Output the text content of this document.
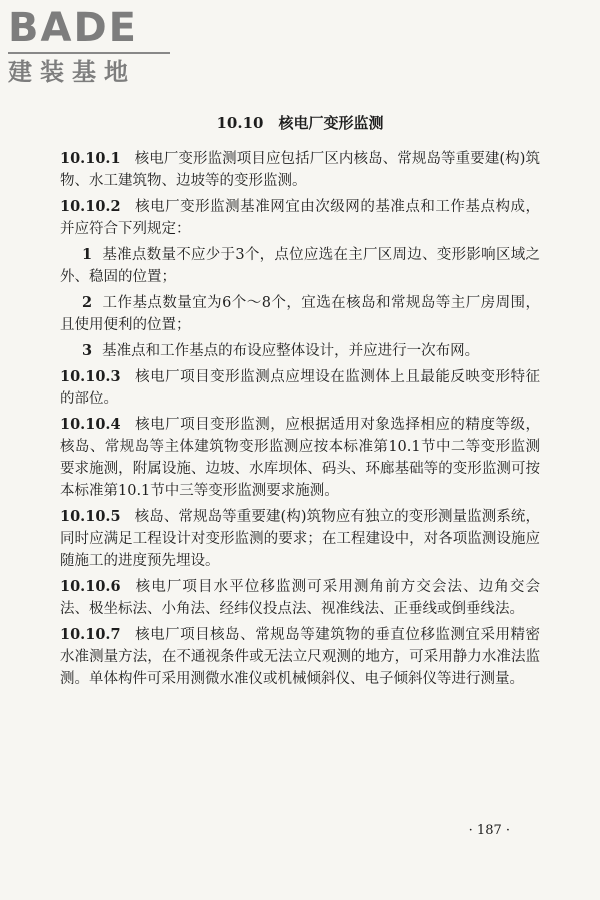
BADE
建装基地
10.10　核电厂变形监测

10.10.1 核电厂变形监测项目应包括厂区内核岛、常规岛等重要建(构)筑物、水工建筑物、边坡等的变形监测。

10.10.2 核电厂变形监测基准网宜由次级网的基准点和工作基点构成，并应符合下列规定：

1 基准点数量不应少于3个，点位应选在主厂区周边、变形影响区域之外、稳固的位置；

2 工作基点数量宜为6个～8个，宜选在核岛和常规岛等主厂房周围，且使用便利的位置；

3 基准点和工作基点的布设应整体设计，并应进行一次布网。

10.10.3 核电厂项目变形监测点应埋设在监测体上且最能反映变形特征的部位。

10.10.4 核电厂项目变形监测，应根据适用对象选择相应的精度等级，核岛、常规岛等主体建筑物变形监测应按本标准第10.1节中二等变形监测要求施测，附属设施、边坡、水库坝体、码头、环廊基础等的变形监测可按本标准第10.1节中三等变形监测要求施测。

10.10.5 核岛、常规岛等重要建(构)筑物应有独立的变形测量监测系统，同时应满足工程设计对变形监测的要求；在工程建设中，对各项监测设施应随施工的进度预先埋设。

10.10.6 核电厂项目水平位移监测可采用测角前方交会法、边角交会法、极坐标法、小角法、经纬仪投点法、视准线法、正垂线或倒垂线法。

10.10.7 核电厂项目核岛、常规岛等建筑物的垂直位移监测宜采用精密水准测量方法，在不通视条件或无法立尺观测的地方，可采用静力水准法监测。单体构件可采用测微水准仪或机械倾斜仪、电子倾斜仪等进行测量。

· 187 ·
